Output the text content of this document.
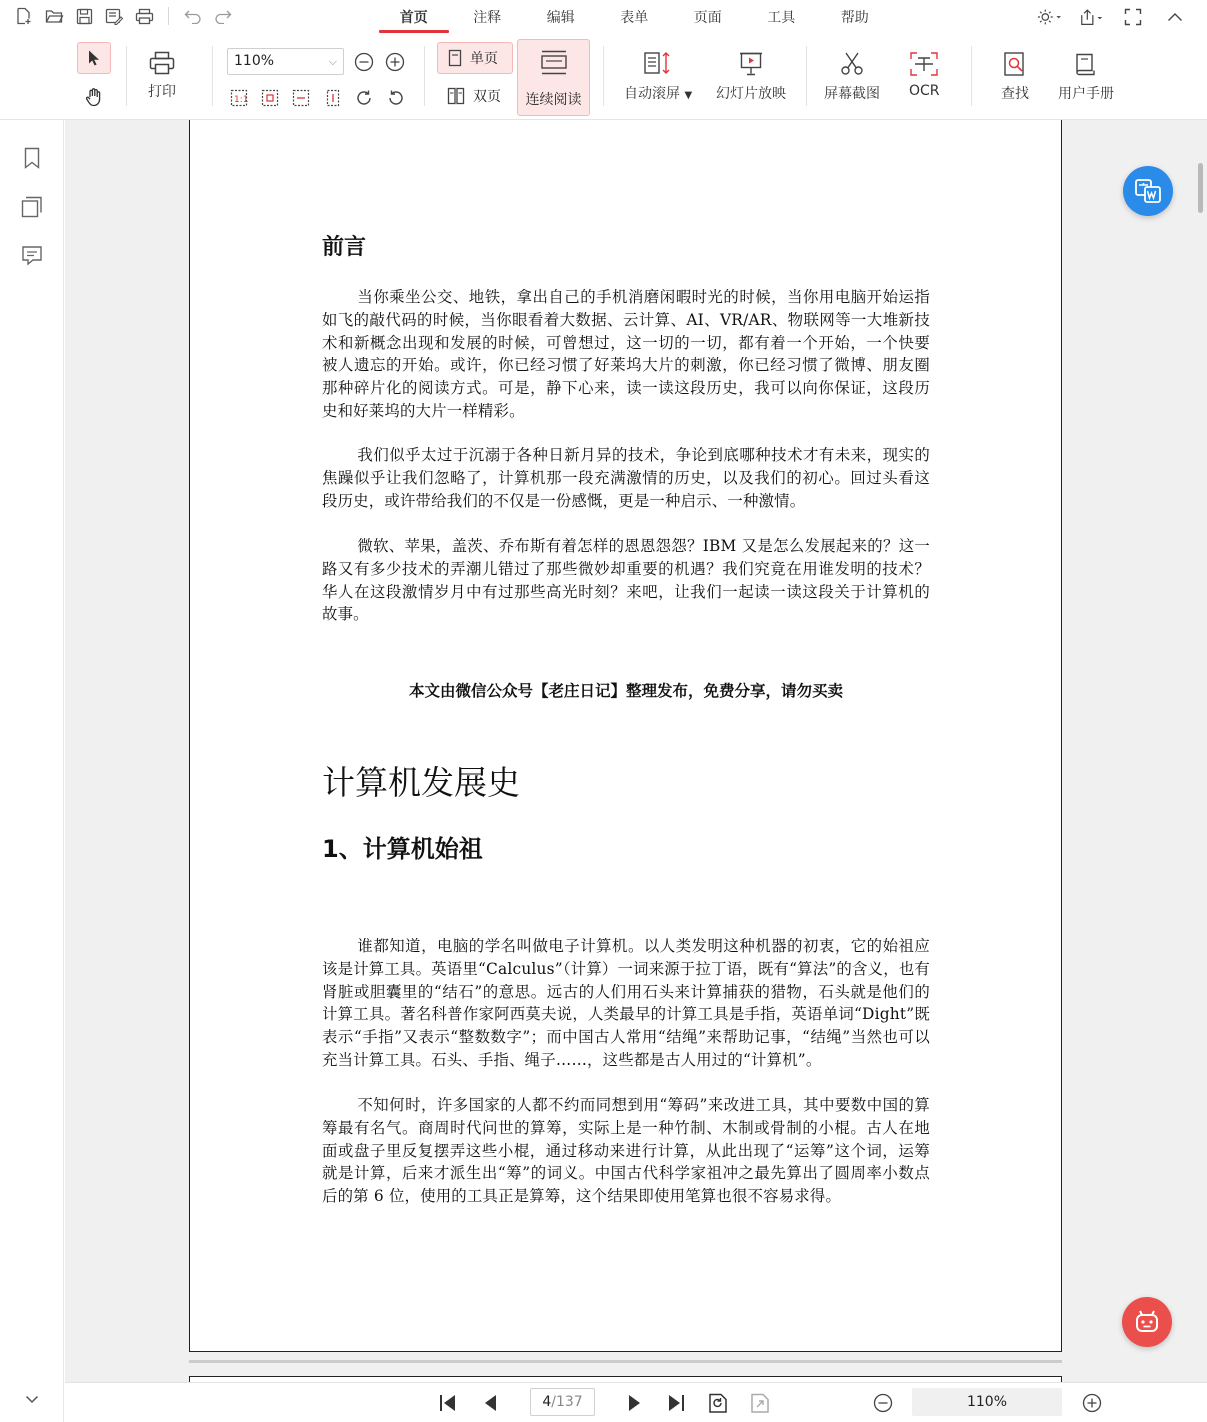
首页	注释	编辑	表单	页面	工具	帮助
打印
110%	⌵
1:1
单页
双页 连续阅读	自动滚屏 ▼ 幻灯片放映	屏幕截图 OCR	查找 用户手册
前言

当你乘坐公交、地铁，拿出自己的手机消磨闲暇时光的时候，当你用电脑开始运指如飞的敲代码的时候，当你眼看着大数据、云计算、AI、VR/AR、物联网等一大堆新技术和新概念出现和发展的时候，可曾想过，这一切的一切，都有着一个开始，一个快要被人遗忘的开始。或许，你已经习惯了好莱坞大片的刺激，你已经习惯了微博、朋友圈那种碎片化的阅读方式。可是，静下心来，读一读这段历史，我可以向你保证，这段历史和好莱坞的大片一样精彩。

我们似乎太过于沉溺于各种日新月异的技术，争论到底哪种技术才有未来，现实的焦躁似乎让我们忽略了，计算机那一段充满激情的历史，以及我们的初心。回过头看这段历史，或许带给我们的不仅是一份感慨，更是一种启示、一种激情。

微软、苹果，盖茨、乔布斯有着怎样的恩恩怨怨？IBM 又是怎么发展起来的？这一路又有多少技术的弄潮儿错过了那些微妙却重要的机遇？我们究竟在用谁发明的技术？华人在这段激情岁月中有过那些高光时刻？来吧，让我们一起读一读这段关于计算机的故事。

本文由微信公众号【老庄日记】整理发布，免费分享，请勿买卖
计算机发展史
1、计算机始祖

谁都知道，电脑的学名叫做电子计算机。以人类发明这种机器的初衷，它的始祖应该是计算工具。英语里“Calculus”（计算）一词来源于拉丁语，既有“算法”的含义，也有肾脏或胆囊里的“结石”的意思。远古的人们用石头来计算捕获的猎物，石头就是他们的计算工具。著名科普作家阿西莫夫说，人类最早的计算工具是手指，英语单词“Dight”既表示“手指”又表示“整数数字”；而中国古人常用“结绳”来帮助记事，“结绳”当然也可以充当计算工具。石头、手指、绳子……，这些都是古人用过的“计算机”。

不知何时，许多国家的人都不约而同想到用“筹码”来改进工具，其中要数中国的算筹最有名气。商周时代问世的算筹，实际上是一种竹制、木制或骨制的小棍。古人在地面或盘子里反复摆弄这些小棍，通过移动来进行计算，从此出现了“运筹”这个词，运筹就是计算，后来才派生出“筹”的词义。中国古代科学家祖冲之最先算出了圆周率小数点后的第 6 位，使用的工具正是算筹，这个结果即使用笔算也很不容易求得。

4/137	110%
